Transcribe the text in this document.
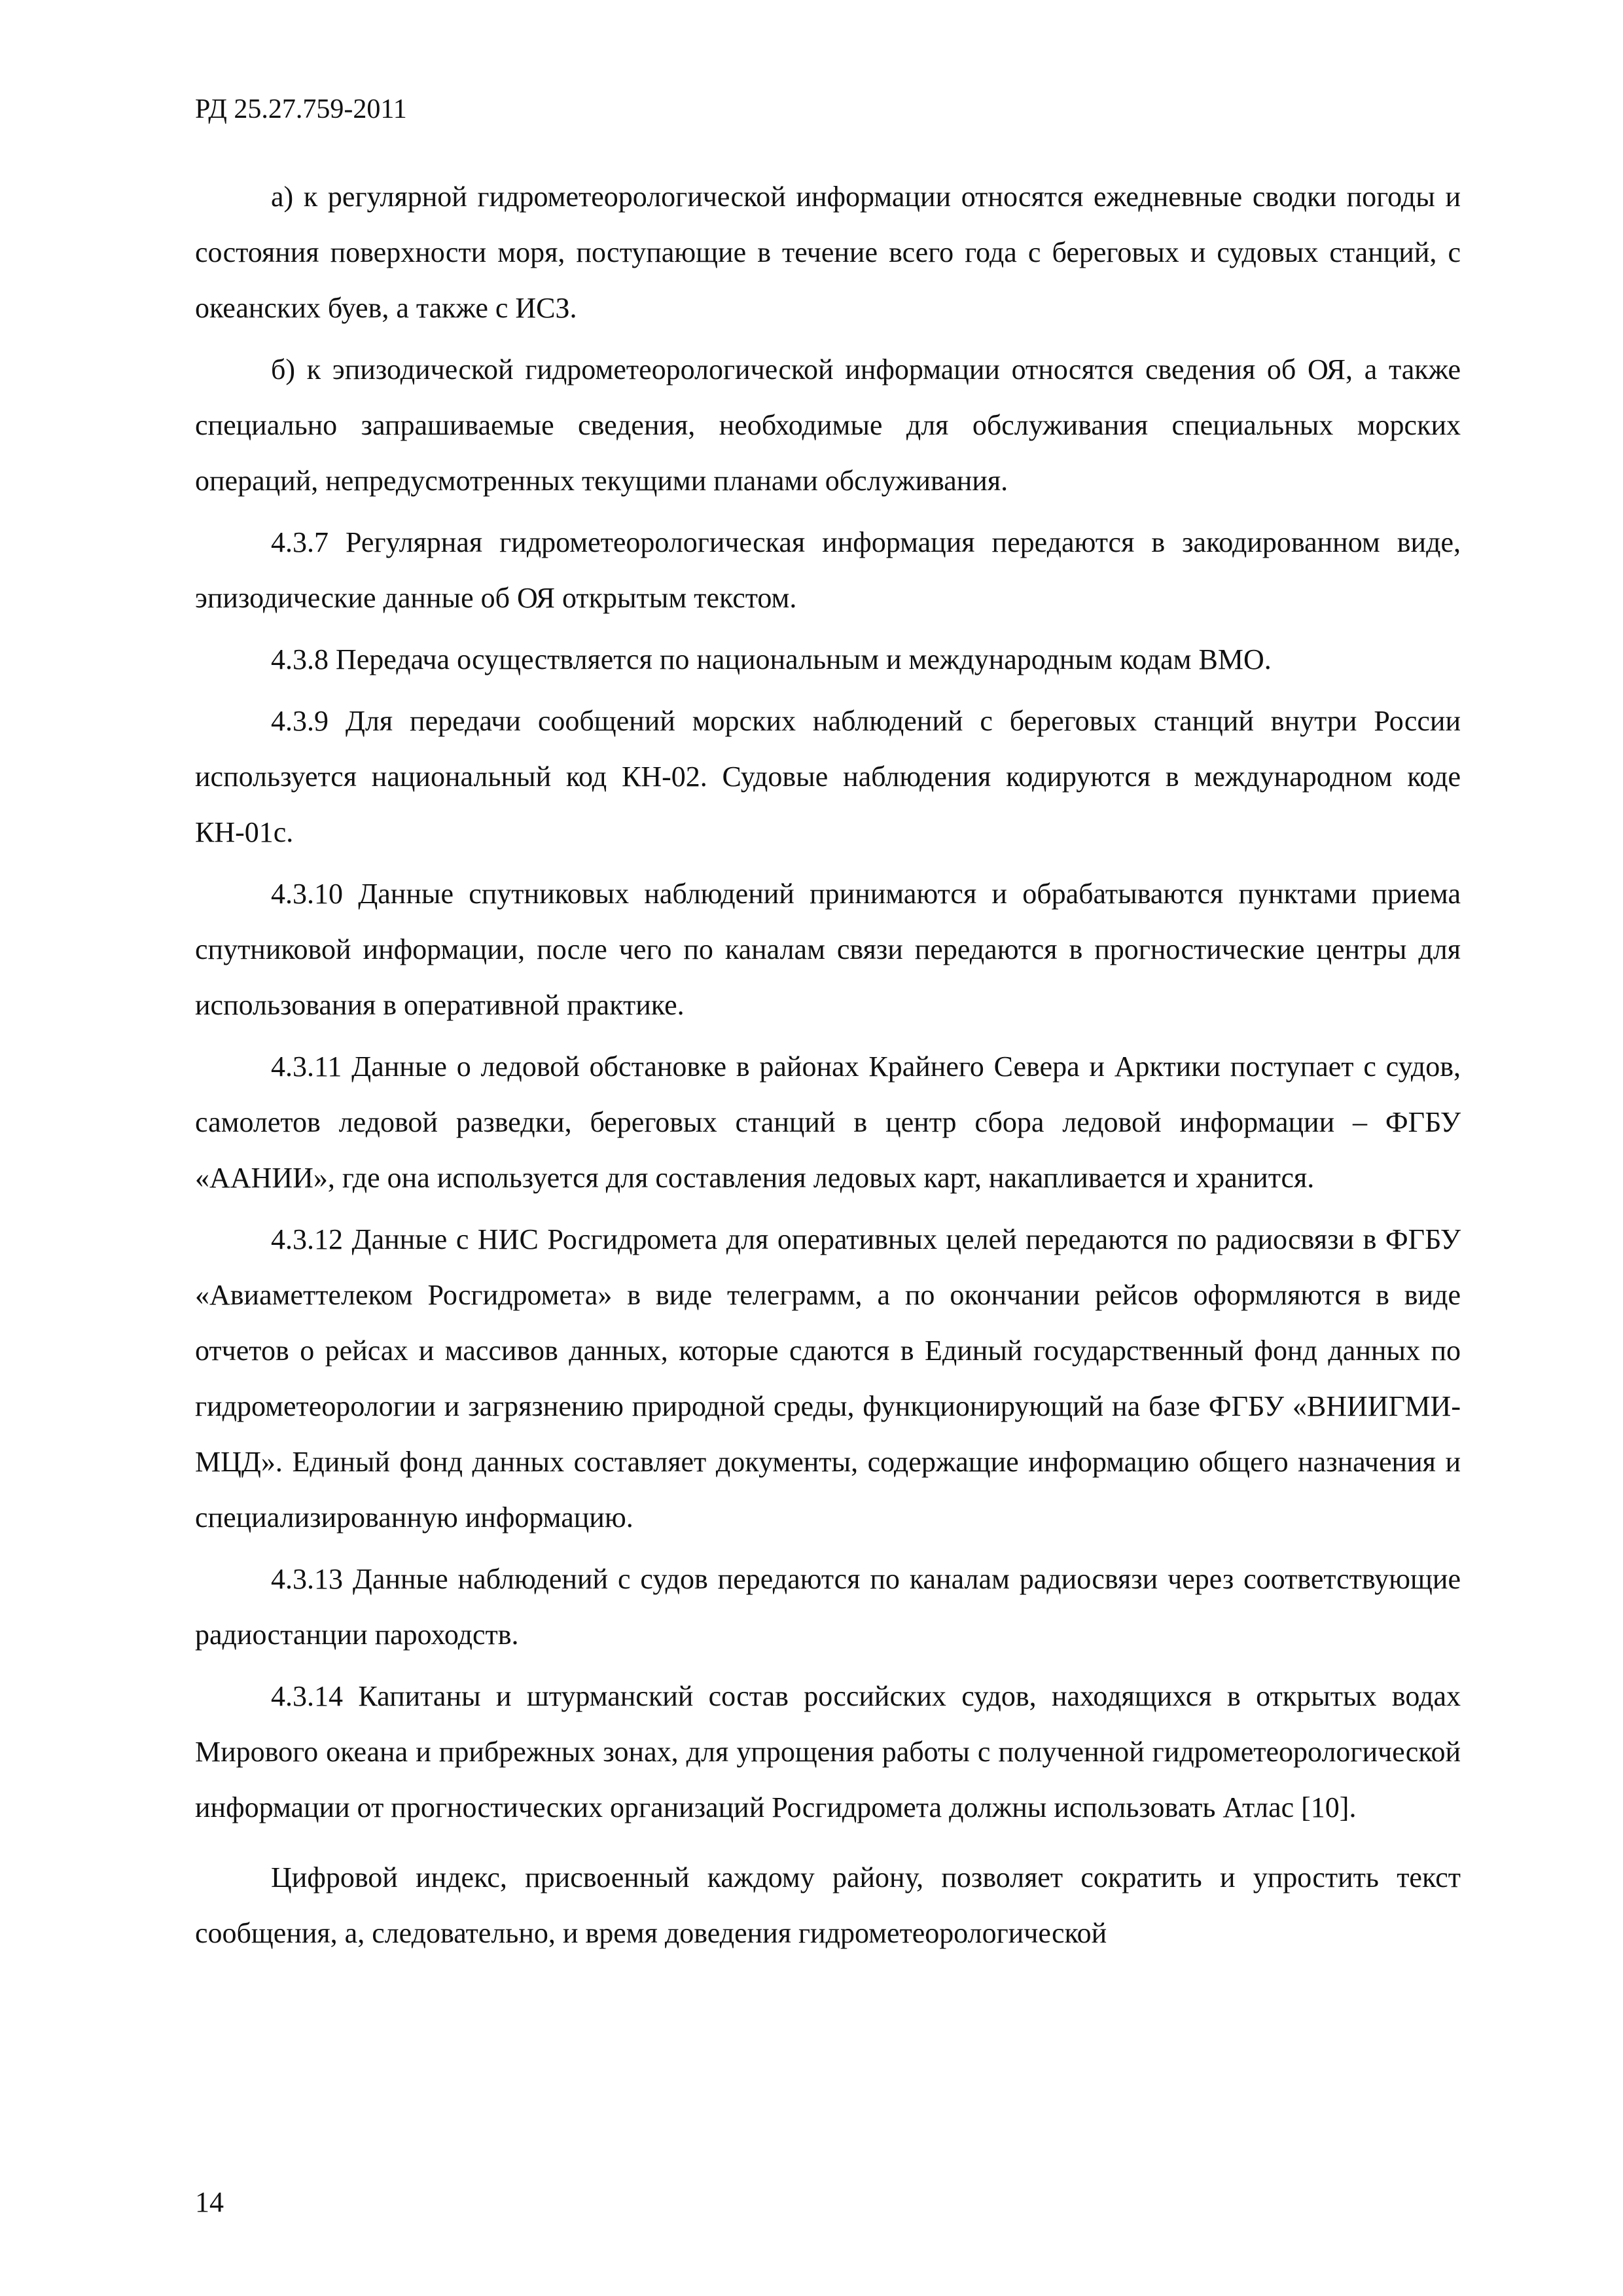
РД 25.27.759-2011

а) к регулярной гидрометеорологической информации относятся ежедневные сводки погоды и состояния поверхности моря, поступающие в течение всего года с береговых и судовых станций, с океанских буев, а также с ИСЗ.

б) к эпизодической гидрометеорологической информации относятся сведения об ОЯ, а также специально запрашиваемые сведения, необходимые для обслуживания специальных морских операций, непредусмотренных текущими планами обслуживания.

4.3.7 Регулярная гидрометеорологическая информация передаются в закодированном виде, эпизодические данные об ОЯ открытым текстом.

4.3.8 Передача осуществляется по национальным и международным кодам ВМО.

4.3.9 Для передачи сообщений морских наблюдений с береговых станций внутри России используется национальный код КН-02. Судовые наблюдения кодируются в международном коде КН-01с.

4.3.10 Данные спутниковых наблюдений принимаются и обрабатываются пунктами приема спутниковой информации, после чего по каналам связи передаются в прогностические центры для использования в оперативной практике.

4.3.11 Данные о ледовой обстановке в районах Крайнего Севера и Арктики поступает с судов, самолетов ледовой разведки, береговых станций в центр сбора ледовой информации – ФГБУ «ААНИИ», где она используется для составления ледовых карт, накапливается и хранится.

4.3.12 Данные с НИС Росгидромета для оперативных целей передаются по радиосвязи в ФГБУ «Авиаметтелеком Росгидромета» в виде телеграмм, а по окончании рейсов оформляются в виде отчетов о рейсах и массивов данных, которые сдаются в Единый государственный фонд данных по гидрометеорологии и загрязнению природной среды, функционирующий на базе ФГБУ «ВНИИГМИ-МЦД». Единый фонд данных составляет документы, содержащие информацию общего назначения и специализированную информацию.

4.3.13 Данные наблюдений с судов передаются по каналам радиосвязи через соответствующие радиостанции пароходств.

4.3.14 Капитаны и штурманский состав российских судов, находящихся в открытых водах Мирового океана и прибрежных зонах, для упрощения работы с полученной гидрометеорологической информации от прогностических организаций Росгидромета должны использовать Атлас [10].

Цифровой индекс, присвоенный каждому району, позволяет сократить и упростить текст сообщения, а, следовательно, и время доведения гидрометеорологической

14
